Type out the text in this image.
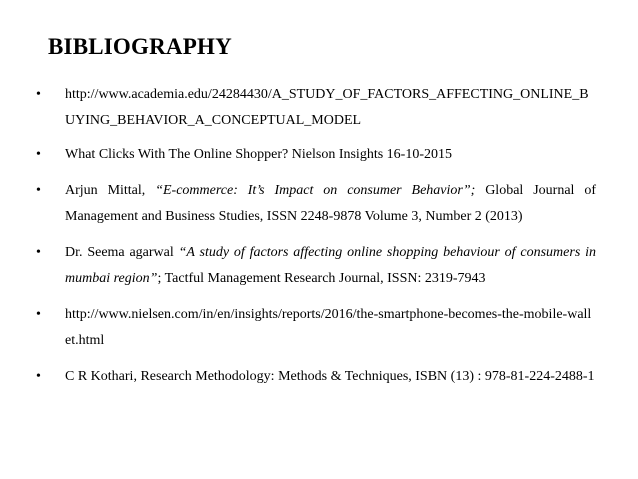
BIBLIOGRAPHY
• http://www.academia.edu/24284430/A_STUDY_OF_FACTORS_AFFECTING_ONLINE_BUYING_BEHAVIOR_A_CONCEPTUAL_MODEL
• What Clicks With The Online Shopper? Nielson Insights 16-10-2015
• Arjun Mittal, “E-commerce: It’s Impact on consumer Behavior”; Global Journal of Management and Business Studies, ISSN 2248-9878 Volume 3, Number 2 (2013)
• Dr. Seema agarwal “A study of factors affecting online shopping behaviour of consumers in mumbai region”; Tactful Management Research Journal, ISSN: 2319-7943
• http://www.nielsen.com/in/en/insights/reports/2016/the-smartphone-becomes-the-mobile-wallet.html
• C R Kothari, Research Methodology: Methods & Techniques, ISBN (13) : 978-81-224-2488-1
